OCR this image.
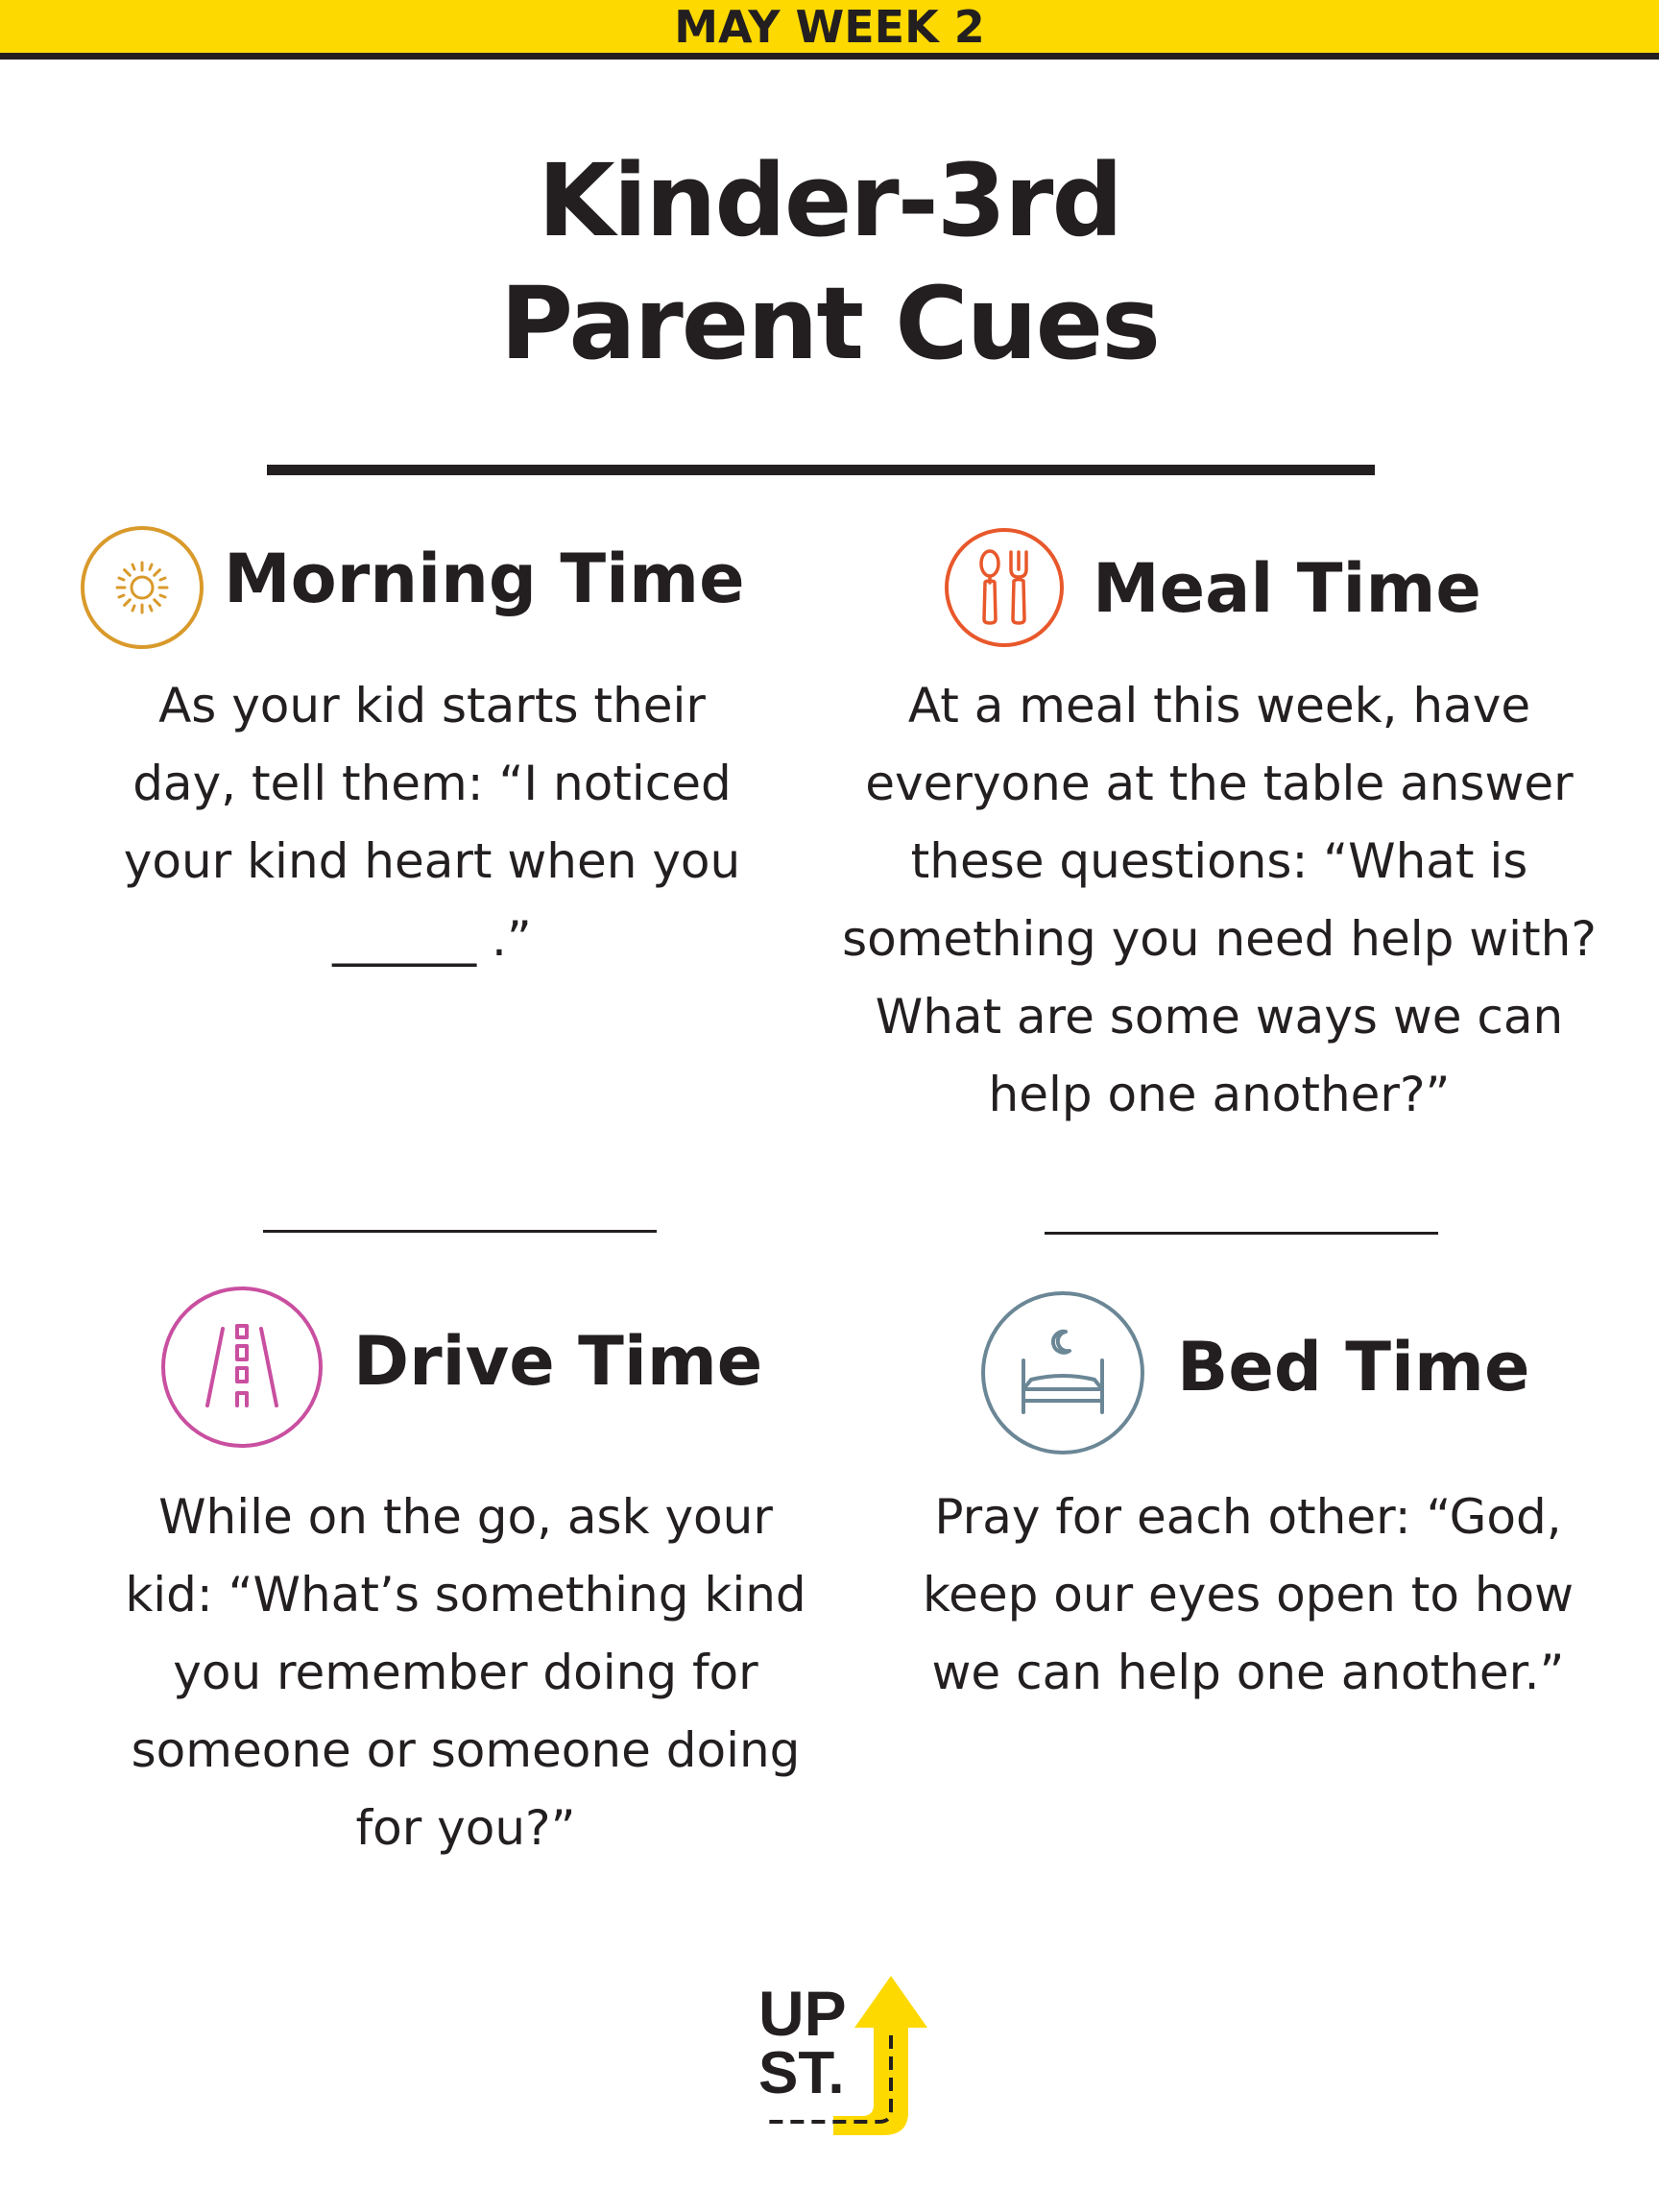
MAY WEEK 2
Kinder-3rd
Parent Cues
Morning Time
As your kid starts their
day, tell them: “I noticed
your kind heart when you
______ .”
Meal Time
At a meal this week, have
everyone at the table answer
these questions: “What is
something you need help with?
What are some ways we can
help one another?”
Drive Time
While on the go, ask your
kid: “What’s something kind
you remember doing for
someone or someone doing
for you?”
Bed Time
Pray for each other: “God,
keep our eyes open to how
we can help one another.”
UP
ST.
